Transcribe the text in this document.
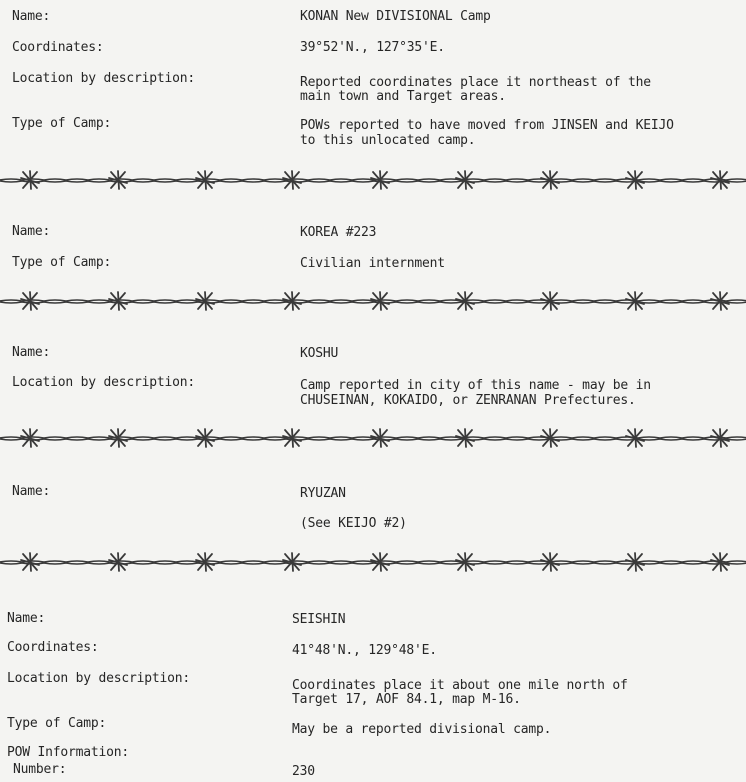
Name:	KONAN New DIVISIONAL Camp
Coordinates:	39°52'N., 127°35'E.
Location by description:	Reported coordinates place it northeast of the
main town and Target areas.
Type of Camp:	POWs reported to have moved from JINSEN and KEIJO
to this unlocated camp.
Name:	KOREA #223
Type of Camp:	Civilian internment
Name:	KOSHU
Location by description:	Camp reported in city of this name - may be in
CHUSEINAN, KOKAIDO, or ZENRANAN Prefectures.
Name:	RYUZAN
(See KEIJO #2)
Name:	SEISHIN
Coordinates:	41°48'N., 129°48'E.
Location by description:	Coordinates place it about one mile north of
Target 17, AOF 84.1, map M-16.
Type of Camp:	May be a reported divisional camp.
POW Information:
Number:	230
